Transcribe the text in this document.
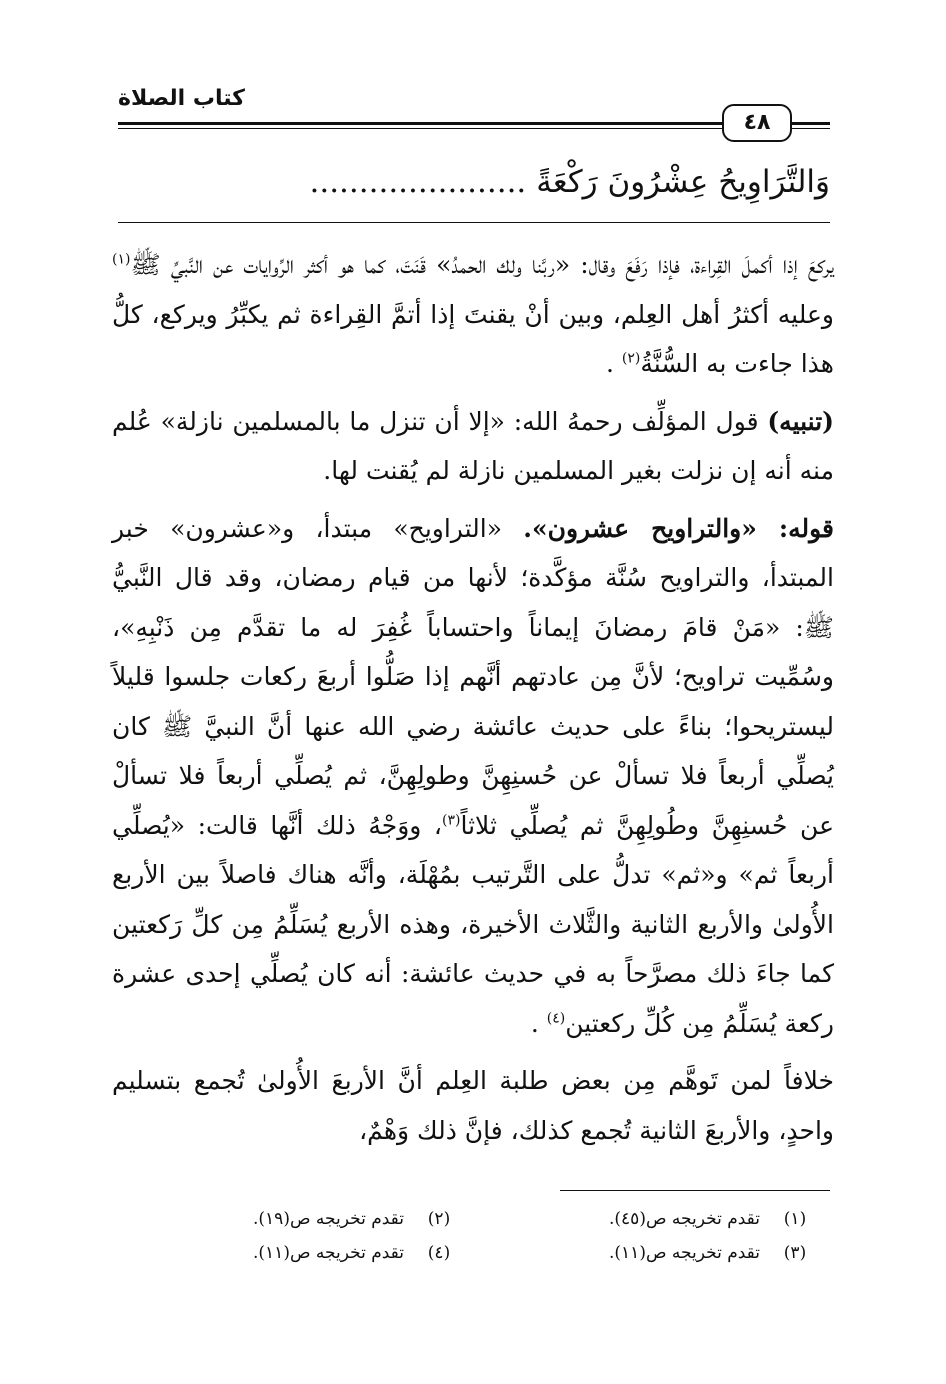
كتاب الصلاة
٤٨
وَالتَّرَاوِيحُ عِشْرُونَ رَكْعَةً......................

يركعَ إذا أكملَ القِراءة، فإذا رَفَعَ وقال: «ربَّنا ولك الحمدُ» قَنَتَ، كما هو أكثر الرِّوايات عن النَّبيِّ ﷺ$^{(١)}$ وعليه أكثرُ أهل العِلم، وبين أنْ يقنتَ إذا أتمَّ القِراءة ثم يكبِّرُ ويركع، كلُّ هذا جاءت به السُّنَّةُ$^{(٢)}$ .

(تنبيه) قول المؤلِّف رحمهُ الله: «إلا أن تنزل ما بالمسلمين نازلة» عُلم منه أنه إن نزلت بغير المسلمين نازلة لم يُقنت لها.

قوله: «والتراويح عشرون». «التراويح» مبتدأ، و«عشرون» خبر المبتدأ، والتراويح سُنَّة مؤكَّدة؛ لأنها من قيام رمضان، وقد قال النَّبيُّ ﷺ: «مَنْ قامَ رمضانَ إيماناً واحتساباً غُفِرَ له ما تقدَّم مِن ذَنْبِهِ»، وسُمِّيت تراويح؛ لأنَّ مِن عادتهم أنَّهم إذا صَلُّوا أربعَ ركعات جلسوا قليلاً ليستريحوا؛ بناءً على حديث عائشة رضي الله عنها أنَّ النبيَّ ﷺ كان يُصلِّي أربعاً فلا تسألْ عن حُسنِهِنَّ وطولِهِنَّ، ثم يُصلِّي أربعاً فلا تسألْ عن حُسنِهِنَّ وطُولِهِنَّ ثم يُصلِّي ثلاثاً$^{(٣)}$، ووَجْهُ ذلك أنَّها قالت: «يُصلِّي أربعاً ثم» و«ثم» تدلُّ على التَّرتيب بمُهْلَة، وأنَّه هناك فاصلاً بين الأربع الأُولىٰ والأربع الثانية والثَّلاث الأخيرة، وهذه الأربع يُسَلِّمُ مِن كلِّ رَكعتين كما جاءَ ذلك مصرَّحاً به في حديث عائشة: أنه كان يُصلِّي إحدى عشرة ركعة يُسَلِّمُ مِن كُلِّ ركعتين$^{(٤)}$ .

خلافاً لمن تَوهَّم مِن بعض طلبة العِلم أنَّ الأربعَ الأُولىٰ تُجمع بتسليم واحدٍ، والأربعَ الثانية تُجمع كذلك، فإنَّ ذلك وَهْمٌ،

(١)
تقدم تخريجه ص(٤٥).
(٢)
تقدم تخريجه ص(١٩).
(٣)
تقدم تخريجه ص(١١).
(٤)
تقدم تخريجه ص(١١).
